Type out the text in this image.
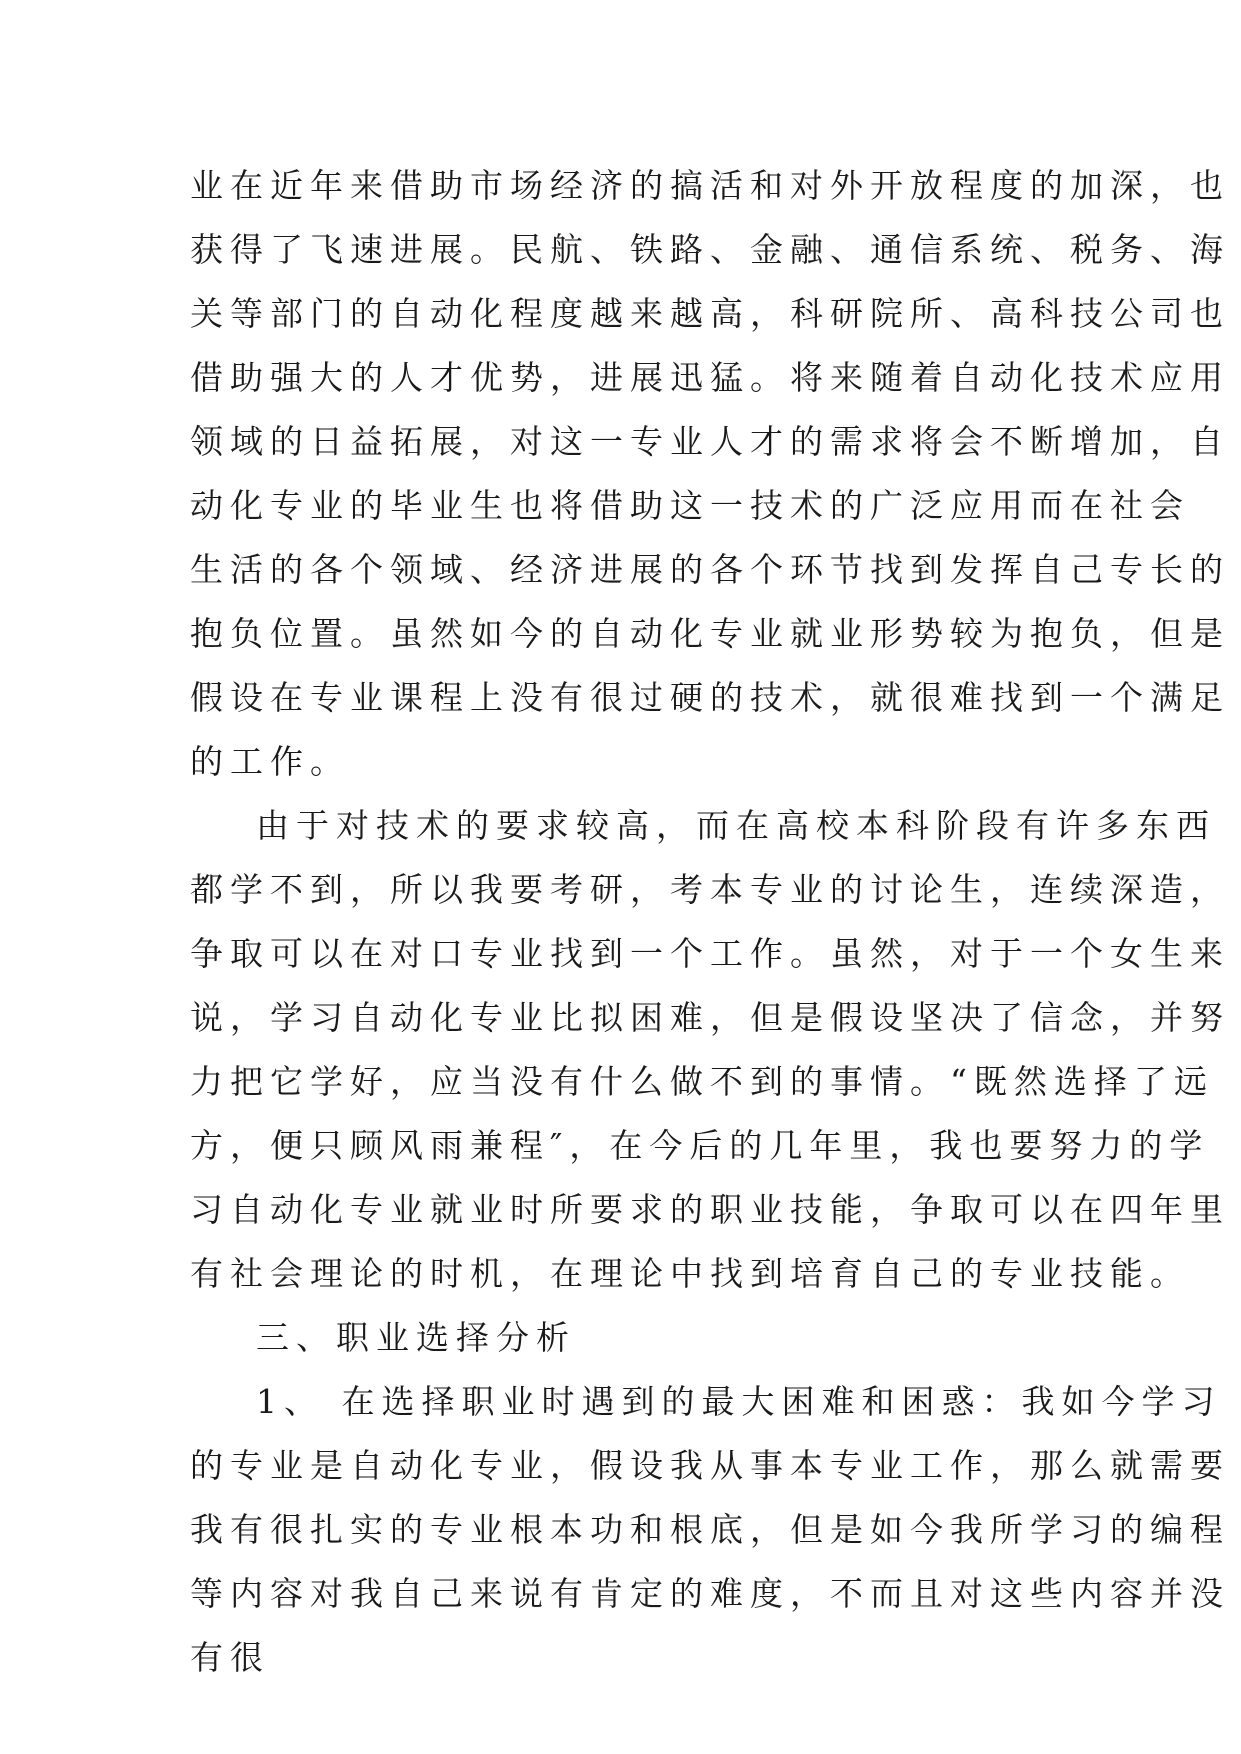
业在近年来借助市场经济的搞活和对外开放程度的加深，也
获得了飞速进展。民航、铁路、金融、通信系统、税务、海
关等部门的自动化程度越来越高，科研院所、高科技公司也
借助强大的人才优势，进展迅猛。将来随着自动化技术应用
领域的日益拓展，对这一专业人才的需求将会不断增加，自
动化专业的毕业生也将借助这一技术的广泛应用而在社会
生活的各个领域、经济进展的各个环节找到发挥自己专长的
抱负位置。虽然如今的自动化专业就业形势较为抱负，但是
假设在专业课程上没有很过硬的技术，就很难找到一个满足
的工作。
由于对技术的要求较高，而在高校本科阶段有许多东西
都学不到，所以我要考研，考本专业的讨论生，连续深造，
争取可以在对口专业找到一个工作。虽然，对于一个女生来
说，学习自动化专业比拟困难，但是假设坚决了信念，并努
力把它学好，应当没有什么做不到的事情。“既然选择了远
方，便只顾风雨兼程″，在今后的几年里，我也要努力的学
习自动化专业就业时所要求的职业技能，争取可以在四年里
有社会理论的时机，在理论中找到培育自己的专业技能。
三、职业选择分析
1、 在选择职业时遇到的最大困难和困惑：我如今学习
的专业是自动化专业，假设我从事本专业工作，那么就需要
我有很扎实的专业根本功和根底，但是如今我所学习的编程
等内容对我自己来说有肯定的难度，不而且对这些内容并没
有很
